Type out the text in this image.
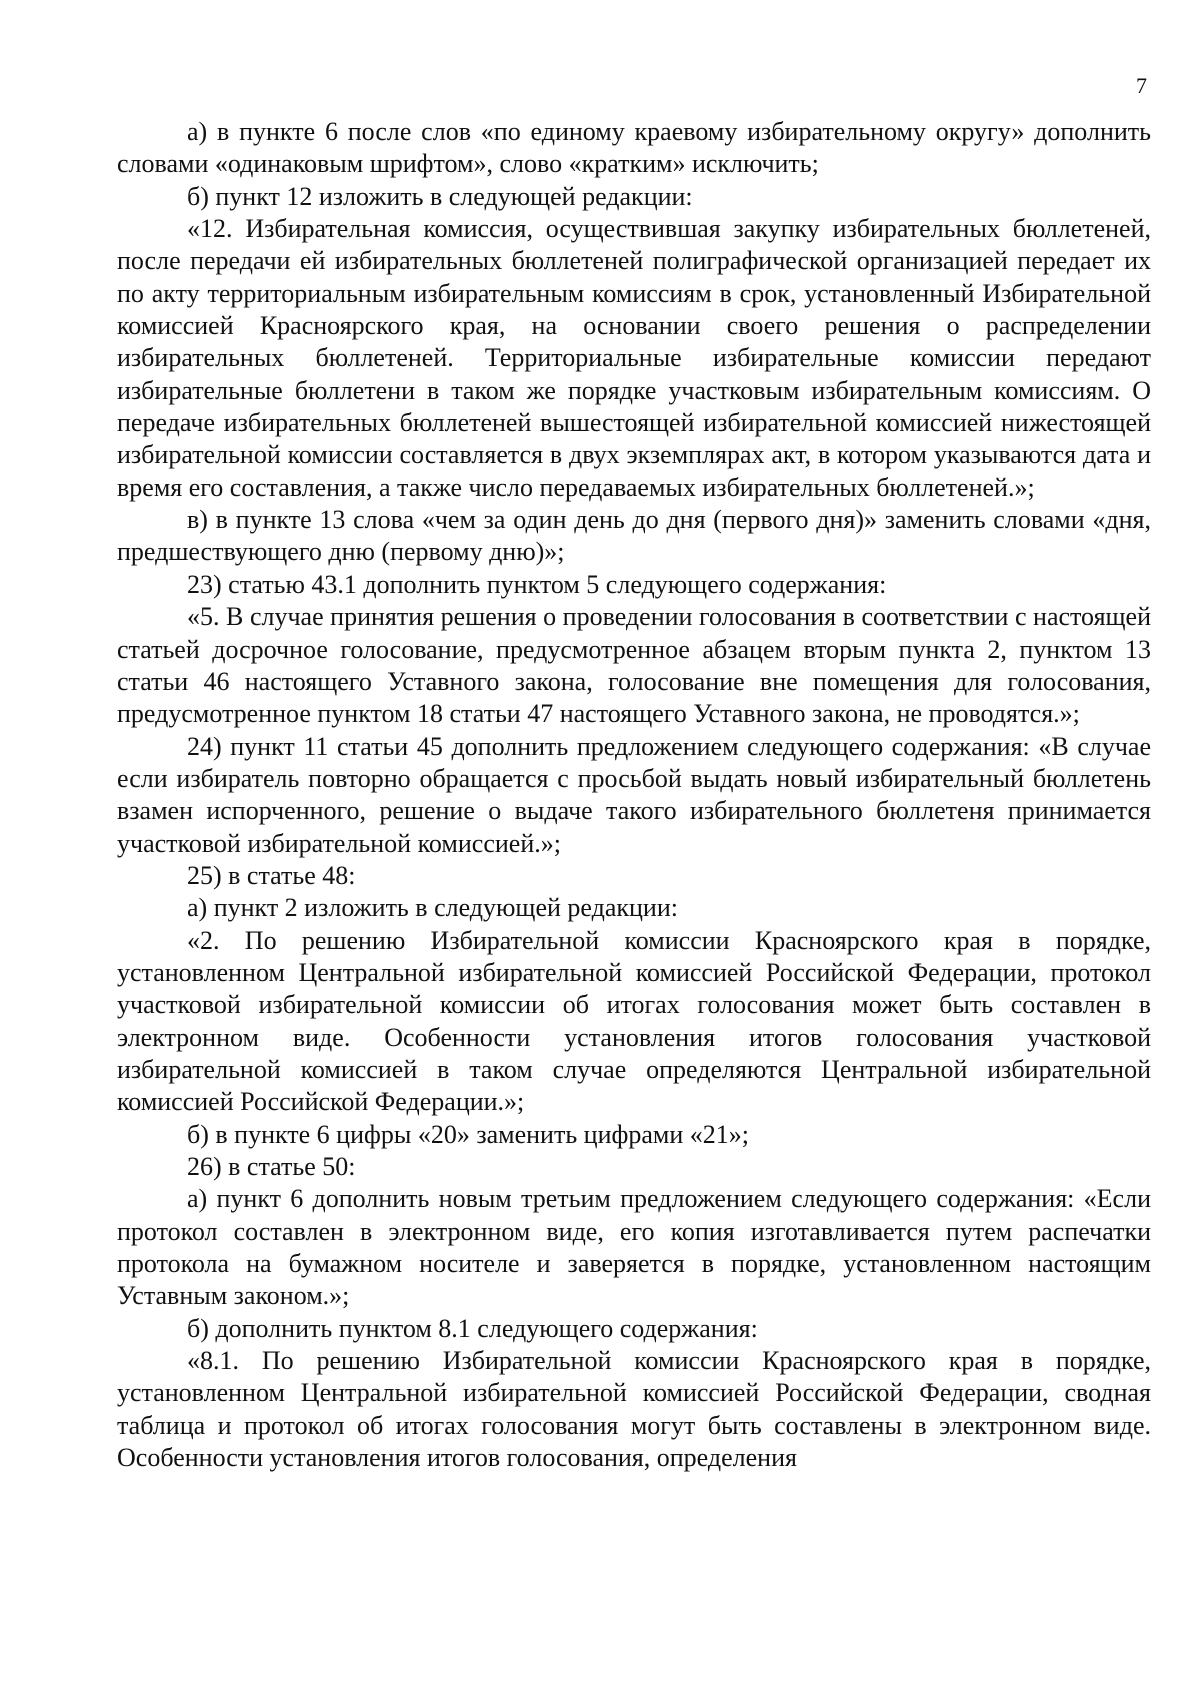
7

а) в пункте 6 после слов «по единому краевому избирательному округу» дополнить словами «одинаковым шрифтом», слово «кратким» исключить;

б) пункт 12 изложить в следующей редакции:

«12. Избирательная комиссия, осуществившая закупку избирательных бюллетеней, после передачи ей избирательных бюллетеней полиграфической организацией передает их по акту территориальным избирательным комиссиям в срок, установленный Избирательной комиссией Красноярского края, на основании своего решения о распределении избирательных бюллетеней. Территориальные избирательные комиссии передают избирательные бюллетени в таком же порядке участковым избирательным комиссиям. О передаче избирательных бюллетеней вышестоящей избирательной комиссией нижестоящей избирательной комиссии составляется в двух экземплярах акт, в котором указываются дата и время его составления, а также число передаваемых избирательных бюллетеней.»;

в) в пункте 13 слова «чем за один день до дня (первого дня)» заменить словами «дня, предшествующего дню (первому дню)»;

23) статью 43.1 дополнить пунктом 5 следующего содержания:

«5. В случае принятия решения о проведении голосования в соответствии с настоящей статьей досрочное голосование, предусмотренное абзацем вторым пункта 2, пунктом 13 статьи 46 настоящего Уставного закона, голосование вне помещения для голосования, предусмотренное пунктом 18 статьи 47 настоящего Уставного закона, не проводятся.»;

24) пункт 11 статьи 45 дополнить предложением следующего содержания: «В случае если избиратель повторно обращается с просьбой выдать новый избирательный бюллетень взамен испорченного, решение о выдаче такого избирательного бюллетеня принимается участковой избирательной комиссией.»;

25) в статье 48:

а) пункт 2 изложить в следующей редакции:

«2. По решению Избирательной комиссии Красноярского края в порядке, установленном Центральной избирательной комиссией Российской Федерации, протокол участковой избирательной комиссии об итогах голосования может быть составлен в электронном виде. Особенности установления итогов голосования участковой избирательной комиссией в таком случае определяются Центральной избирательной комиссией Российской Федерации.»;

б) в пункте 6 цифры «20» заменить цифрами «21»;

26) в статье 50:

а) пункт 6 дополнить новым третьим предложением следующего содержания: «Если протокол составлен в электронном виде, его копия изготавливается путем распечатки протокола на бумажном носителе и заверяется в порядке, установленном настоящим Уставным законом.»;

б) дополнить пунктом 8.1 следующего содержания:

«8.1. По решению Избирательной комиссии Красноярского края в порядке, установленном Центральной избирательной комиссией Российской Федерации, сводная таблица и протокол об итогах голосования могут быть составлены в электронном виде. Особенности установления итогов голосования, определения
